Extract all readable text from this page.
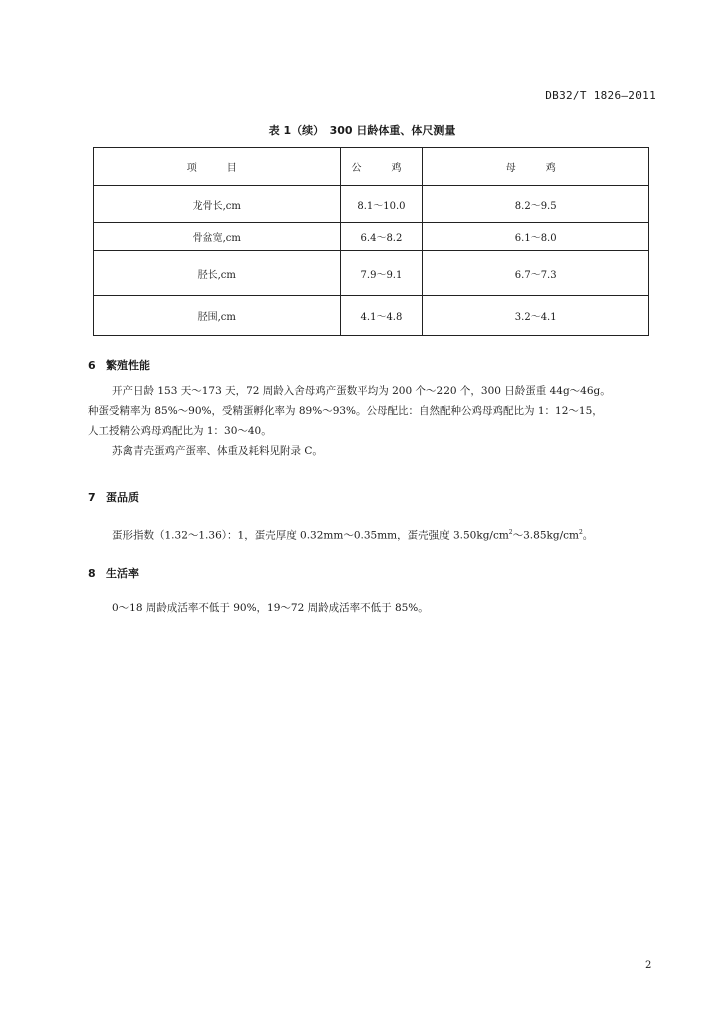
DB32/T 1826—2011
表 1（续）　300 日龄体重、体尺测量
项　目	公　鸡	母　鸡
龙骨长,cm	8.1～10.0	8.2～9.5
骨盆宽,cm	6.4～8.2	6.1～8.0
胫长,cm	7.9～9.1	6.7～7.3
胫围,cm	4.1～4.8	3.2～4.1
6 繁殖性能
开产日龄 153 天～173 天，72 周龄入舍母鸡产蛋数平均为 200 个～220 个，300 日龄蛋重 44g～46g。
种蛋受精率为 85%～90%，受精蛋孵化率为 89%～93%。公母配比：自然配种公鸡母鸡配比为 1：12～15，
人工授精公鸡母鸡配比为 1：30～40。
苏禽青壳蛋鸡产蛋率、体重及耗料见附录 C。
7 蛋品质
蛋形指数（1.32～1.36）：1，蛋壳厚度 0.32mm～0.35mm，蛋壳强度 $3.50kg/cm^2\sim 3.85kg/cm^2$。
8 生活率
0～18 周龄成活率不低于 90%，19～72 周龄成活率不低于 85%。
2
